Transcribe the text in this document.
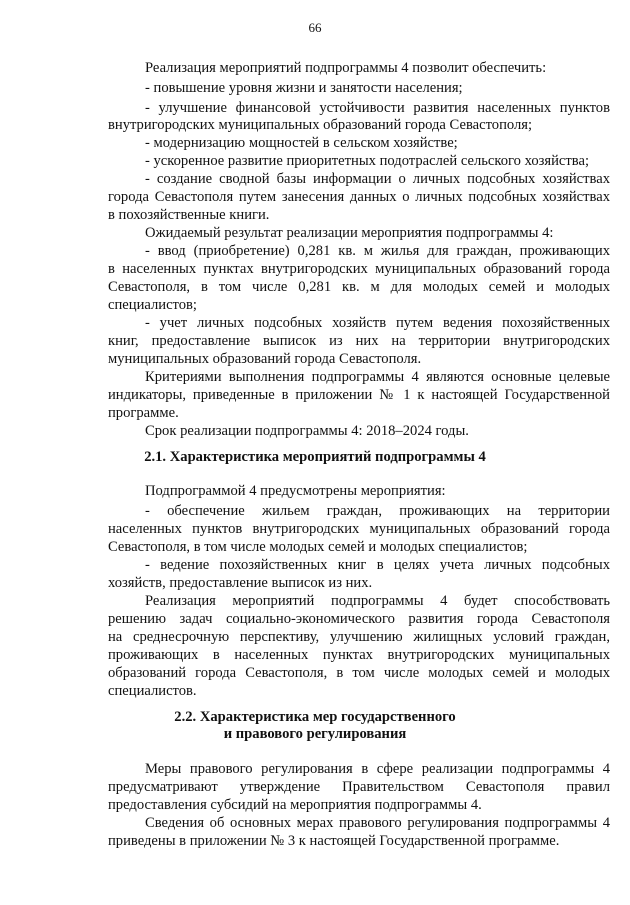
66
Реализация мероприятий подпрограммы 4 позволит обеспечить:
- повышение уровня жизни и занятости населения;
- улучшение финансовой устойчивости развития населенных пунктов
внутригородских муниципальных образований города Севастополя;
- модернизацию мощностей в сельском хозяйстве;
- ускоренное развитие приоритетных подотраслей сельского хозяйства;
- создание сводной базы информации о личных подсобных хозяйствах
города Севастополя путем занесения данных о личных подсобных хозяйствах
в похозяйственные книги.
Ожидаемый результат реализации мероприятия подпрограммы 4:
- ввод (приобретение) 0,281 кв. м жилья для граждан, проживающих
в населенных пунктах внутригородских муниципальных образований города
Севастополя, в том числе 0,281 кв. м для молодых семей и молодых
специалистов;
- учет личных подсобных хозяйств путем ведения похозяйственных
книг, предоставление выписок из них на территории внутригородских
муниципальных образований города Севастополя.
Критериями выполнения подпрограммы 4 являются основные целевые
индикаторы, приведенные в приложении № 1 к настоящей Государственной
программе.
Срок реализации подпрограммы 4: 2018–2024 годы.
2.1. Характеристика мероприятий подпрограммы 4
Подпрограммой 4 предусмотрены мероприятия:
- обеспечение жильем граждан, проживающих на территории
населенных пунктов внутригородских муниципальных образований города
Севастополя, в том числе молодых семей и молодых специалистов;
- ведение похозяйственных книг в целях учета личных подсобных
хозяйств, предоставление выписок из них.
Реализация мероприятий подпрограммы 4 будет способствовать
решению задач социально-экономического развития города Севастополя
на среднесрочную перспективу, улучшению жилищных условий граждан,
проживающих в населенных пунктах внутригородских муниципальных
образований города Севастополя, в том числе молодых семей и молодых
специалистов.
2.2. Характеристика мер государственного
и правового регулирования
Меры правового регулирования в сфере реализации подпрограммы 4
предусматривают утверждение Правительством Севастополя правил
предоставления субсидий на мероприятия подпрограммы 4.
Сведения об основных мерах правового регулирования подпрограммы 4
приведены в приложении № 3 к настоящей Государственной программе.
